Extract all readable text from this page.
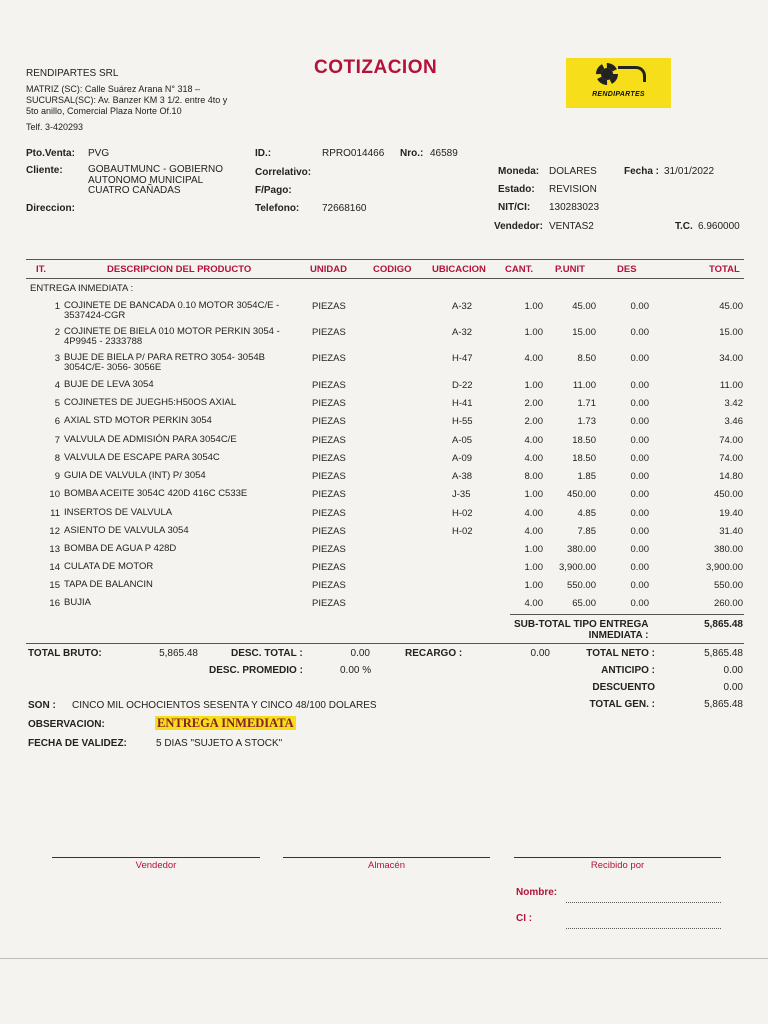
RENDIPARTES SRL
MATRIZ (SC): Calle Suárez Arana N° 318 –
SUCURSAL(SC): Av. Banzer KM 3 1/2. entre 4to y
5to anillo, Comercial Plaza Norte Of.10
Telf. 3-420293
COTIZACION
RENDIPARTES
Pto.Venta: PVG
Cliente:	GOBAUTMUNC - GOBIERNO
AUTONOMO MUNICIPAL
CUATRO CAÑADAS
Direccion:
ID.:	RPRO014466 Nro.: 46589
Correlativo:
F/Pago:
Telefono: 72668160
Moneda: DOLARES	Fecha : 31/01/2022
Estado: REVISION
NIT/CI: 130283023
Vendedor: VENTAS2	T.C. 6.960000
IT.	DESCRIPCION DEL PRODUCTO	UNIDAD	CODIGO UBICACION CANT. P.UNIT	DES	TOTAL
ENTREGA INMEDIATA :
1 COJINETE DE BANCADA 0.10 MOTOR 3054C/E - 3537424-CGR
PIEZAS	A-32	1.00	45.00	0.00	45.00
2 COJINETE DE BIELA 010 MOTOR PERKIN 3054 - 4P9945 - 2333788
PIEZAS	A-32	1.00	15.00	0.00	15.00
3 BUJE DE BIELA P/ PARA RETRO 3054- 3054B 3054C/E- 3056- 3056E
PIEZAS	H-47	4.00	8.50	0.00	34.00
4 BUJE DE LEVA 3054	PIEZAS	D-22	1.00	11.00	0.00	11.00
5 COJINETES DE JUEGH5:H50OS AXIAL	PIEZAS	H-41	2.00	1.71	0.00	3.42
6 AXIAL STD MOTOR PERKIN 3054	PIEZAS	H-55	2.00	1.73	0.00	3.46
7 VALVULA DE ADMISIÓN PARA 3054C/E	PIEZAS	A-05	4.00	18.50	0.00	74.00
8 VALVULA DE ESCAPE PARA 3054C	PIEZAS	A-09	4.00	18.50	0.00	74.00
9 GUIA DE VALVULA (INT) P/ 3054	PIEZAS	A-38	8.00	1.85	0.00	14.80
10 BOMBA ACEITE 3054C 420D 416C C533E	PIEZAS	J-35	1.00	450.00	0.00	450.00
11 INSERTOS DE VALVULA	PIEZAS	H-02	4.00	4.85	0.00	19.40
12 ASIENTO DE VALVULA 3054	PIEZAS	H-02	4.00	7.85	0.00	31.40
13 BOMBA DE AGUA P 428D	PIEZAS	1.00	380.00	0.00	380.00
14 CULATA DE MOTOR	PIEZAS	1.00	3,900.00	0.00	3,900.00
15 TAPA DE BALANCIN	PIEZAS	1.00	550.00	0.00	550.00
16 BUJIA	PIEZAS	4.00	65.00	0.00	260.00
SUB-TOTAL TIPO ENTREGA
INMEDIATA :
5,865.48
TOTAL BRUTO:	5,865.48	DESC. TOTAL :	0.00	RECARGO :	0.00	TOTAL NETO :	5,865.48
DESC. PROMEDIO :	0.00 %	ANTICIPO :	0.00
DESCUENTO	0.00
TOTAL GEN. :	5,865.48
SON : CINCO MIL OCHOCIENTOS SESENTA Y CINCO 48/100 DOLARES
OBSERVACION:	ENTREGA INMEDIATA
FECHA DE VALIDEZ:	5 DIAS "SUJETO A STOCK"
Vendedor	Almacén	Recibido por
Nombre:
CI :
